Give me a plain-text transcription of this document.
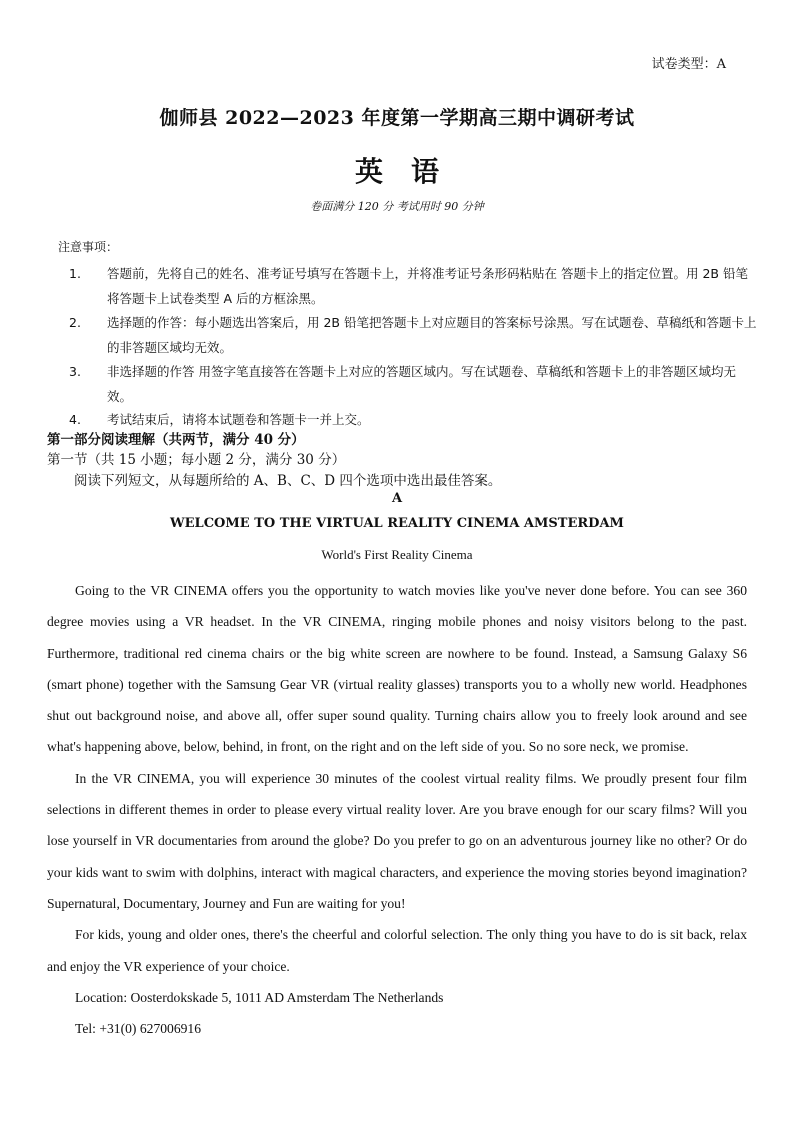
试卷类型：A
伽师县 2022—2023 年度第一学期高三期中调研考试
英语
卷面满分 120 分 考试用时 90 分钟
注意事项：
1. 答题前，先将自己的姓名、准考证号填写在答题卡上，并将准考证号条形码粘贴在 答题卡上的指定位置。用 2B 铅笔将答题卡上试卷类型 A 后的方框涂黑。
2. 选择题的作答：每小题选出答案后，用 2B 铅笔把答题卡上对应题目的答案标号涂黑。写在试题卷、草稿纸和答题卡上的非答题区域均无效。
3. 非选择题的作答 用签字笔直接答在答题卡上对应的答题区域内。写在试题卷、草稿纸和答题卡上的非答题区域均无效。
4. 考试结束后，请将本试题卷和答题卡一并上交。
第一部分阅读理解（共两节，满分 40 分）
第一节（共 15 小题；每小题 2 分，满分 30 分）
阅读下列短文，从每题所给的 A、B、C、D 四个选项中选出最佳答案。
A
WELCOME TO THE VIRTUAL REALITY CINEMA AMSTERDAM
World's First Reality Cinema

Going to the VR CINEMA offers you the opportunity to watch movies like you've never done before. You can see 360 degree movies using a VR headset. In the VR CINEMA, ringing mobile phones and noisy visitors belong to the past. Furthermore, traditional red cinema chairs or the big white screen are nowhere to be found. Instead, a Samsung Galaxy S6 (smart phone) together with the Samsung Gear VR (virtual reality glasses) transports you to a wholly new world. Headphones shut out background noise, and above all, offer super sound quality. Turning chairs allow you to freely look around and see what's happening above, below, behind, in front, on the right and on the left side of you. So no sore neck, we promise.

In the VR CINEMA, you will experience 30 minutes of the coolest virtual reality films. We proudly present four film selections in different themes in order to please every virtual reality lover. Are you brave enough for our scary films? Will you lose yourself in VR documentaries from around the globe? Do you prefer to go on an adventurous journey like no other? Or do your kids want to swim with dolphins, interact with magical characters, and experience the moving stories beyond imagination? Supernatural, Documentary, Journey and Fun are waiting for you!

For kids, young and older ones, there's the cheerful and colorful selection. The only thing you have to do is sit back, relax and enjoy the VR experience of your choice.

Location: Oosterdokskade 5, 1011 AD Amsterdam The Netherlands

Tel: +31(0) 627006916
